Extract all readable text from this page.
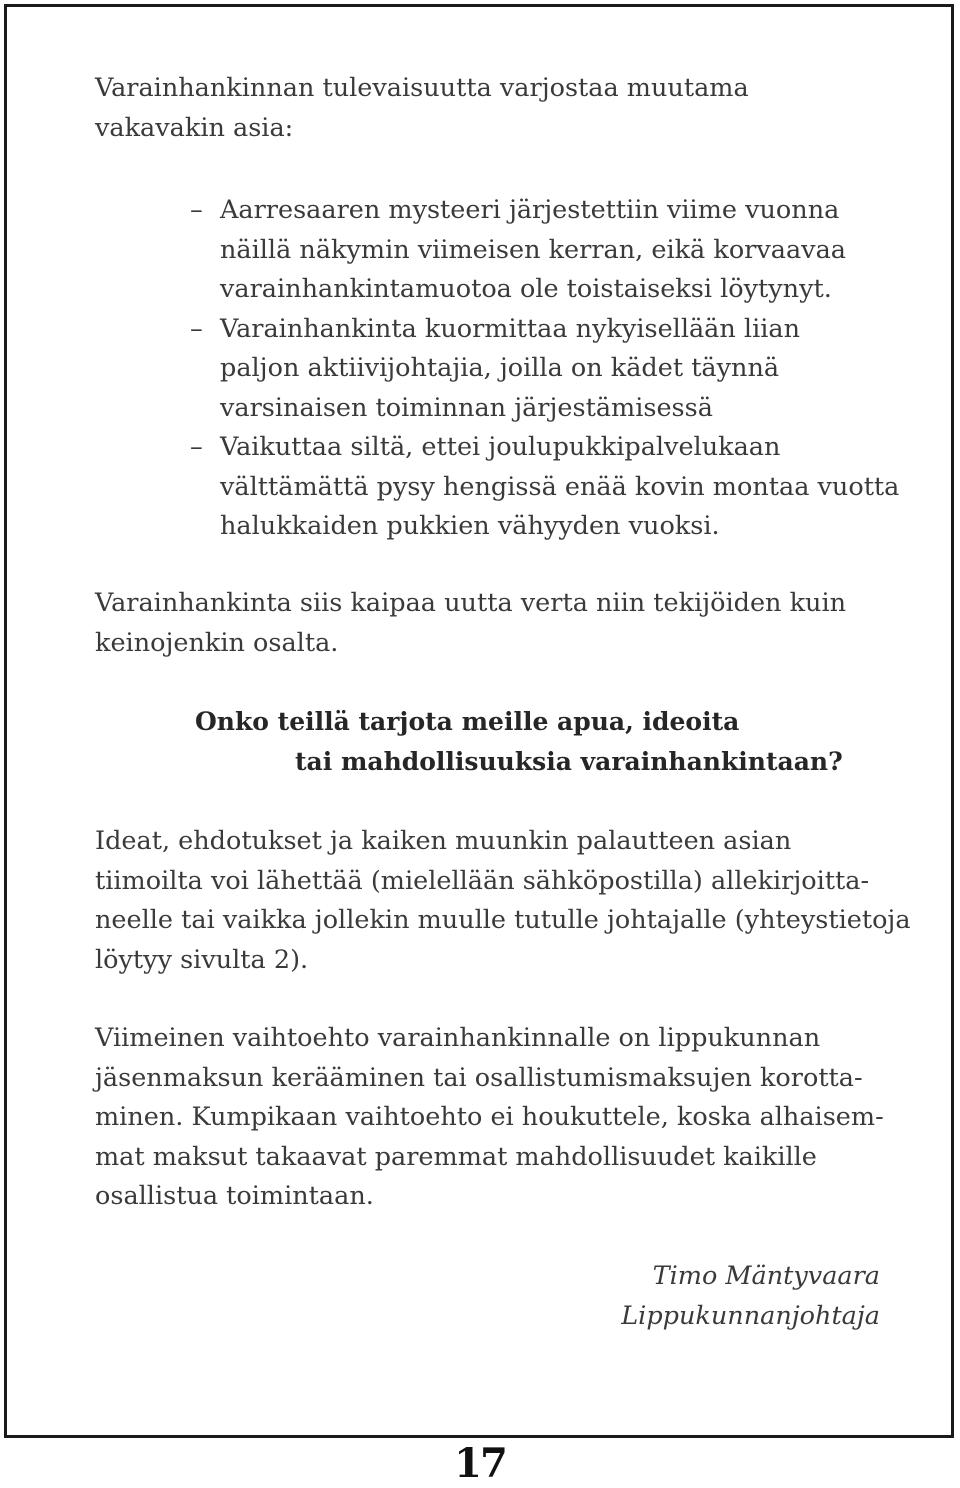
Varainhankinnan tulevaisuutta varjostaa muutama
vakavakin asia:
– Aarresaaren mysteeri järjestettiin viime vuonna
näillä näkymin viimeisen kerran, eikä korvaavaa
varainhankintamuotoa ole toistaiseksi löytynyt.
– Varainhankinta kuormittaa nykyisellään liian
paljon aktiivijohtajia, joilla on kädet täynnä
varsinaisen toiminnan järjestämisessä
– Vaikuttaa siltä, ettei joulupukkipalvelukaan
välttämättä pysy hengissä enää kovin montaa vuotta
halukkaiden pukkien vähyyden vuoksi.
Varainhankinta siis kaipaa uutta verta niin tekijöiden kuin
keinojenkin osalta.
Onko teillä tarjota meille apua, ideoita
tai mahdollisuuksia varainhankintaan?
Ideat, ehdotukset ja kaiken muunkin palautteen asian
tiimoilta voi lähettää (mielellään sähköpostilla) allekirjoitta-
neelle tai vaikka jollekin muulle tutulle johtajalle (yhteystietoja
löytyy sivulta 2).
Viimeinen vaihtoehto varainhankinnalle on lippukunnan
jäsenmaksun kerääminen tai osallistumismaksujen korotta-
minen. Kumpikaan vaihtoehto ei houkuttele, koska alhaisem-
mat maksut takaavat paremmat mahdollisuudet kaikille
osallistua toimintaan.
Timo Mäntyvaara
Lippukunnanjohtaja
17
